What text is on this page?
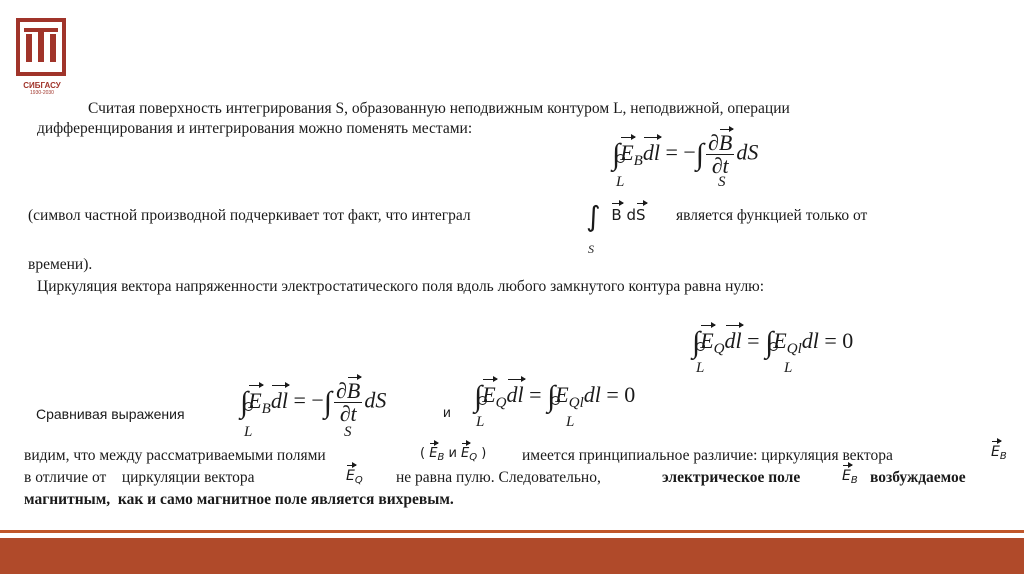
СИБГАСУ
1930-2030
Считая поверхность интегрирования S, образованную неподвижным контуром L, неподвижной, операции
дифференцирования и интегрирования можно поменять местами:
$\int E_Bdl$ = −∫ $\frac{\partial B}{\partial t}$ dS
L	S
(символ частной производной подчеркивает тот факт, что интеграл	∫ B dS
S
является функцией только от
времени).
Циркуляция вектора напряженности электростатического поля вдоль любого замкнутого контура равна нулю:
$\int E_Qdl = \int E_{Ql}dl = 0$
L	L
Сравнивая выражения $\int E_Bdl$ = −∫ $\frac{\partial B}{\partial t}$ dS
L	S
и $\int E_Qdl = \int E_{Ql}dl = 0$
L	L
видим, что между рассматриваемыми полями	( $E_B$ и $E_Q$ ) имеется принципиальное различие: циркуляция вектора	$E_B$
в отличие от    циркуляции вектора	$E_Q$ не равна пулю. Следовательно,	электрическое поле	$E_B$ возбуждаемое
магнитным,  как и само магнитное поле является вихревым.
